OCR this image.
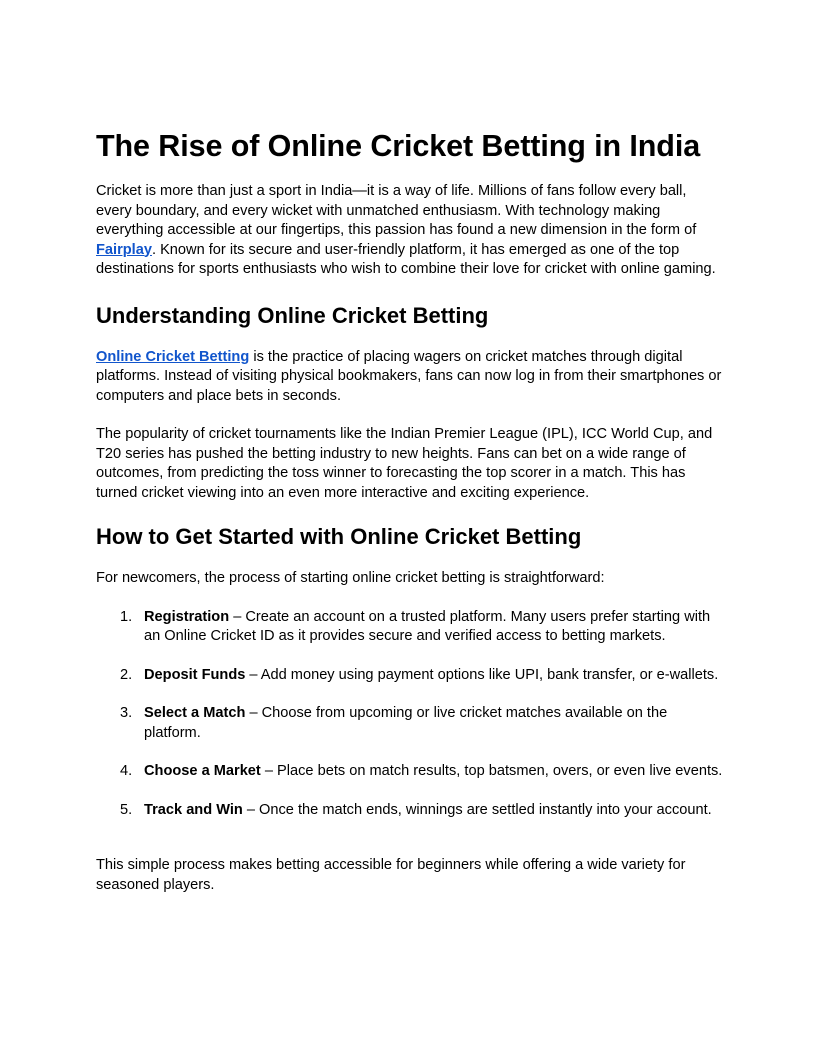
The Rise of Online Cricket Betting in India

Cricket is more than just a sport in India—it is a way of life. Millions of fans follow every ball, every boundary, and every wicket with unmatched enthusiasm. With technology making everything accessible at our fingertips, this passion has found a new dimension in the form of Fairplay. Known for its secure and user-friendly platform, it has emerged as one of the top destinations for sports enthusiasts who wish to combine their love for cricket with online gaming.

Understanding Online Cricket Betting

Online Cricket Betting is the practice of placing wagers on cricket matches through digital platforms. Instead of visiting physical bookmakers, fans can now log in from their smartphones or computers and place bets in seconds.

The popularity of cricket tournaments like the Indian Premier League (IPL), ICC World Cup, and T20 series has pushed the betting industry to new heights. Fans can bet on a wide range of outcomes, from predicting the toss winner to forecasting the top scorer in a match. This has turned cricket viewing into an even more interactive and exciting experience.

How to Get Started with Online Cricket Betting

For newcomers, the process of starting online cricket betting is straightforward:

1. Registration – Create an account on a trusted platform. Many users prefer starting with an Online Cricket ID as it provides secure and verified access to betting markets.
2. Deposit Funds – Add money using payment options like UPI, bank transfer, or e-wallets.
3. Select a Match – Choose from upcoming or live cricket matches available on the platform.
4. Choose a Market – Place bets on match results, top batsmen, overs, or even live events.
5. Track and Win – Once the match ends, winnings are settled instantly into your account.

This simple process makes betting accessible for beginners while offering a wide variety for seasoned players.
